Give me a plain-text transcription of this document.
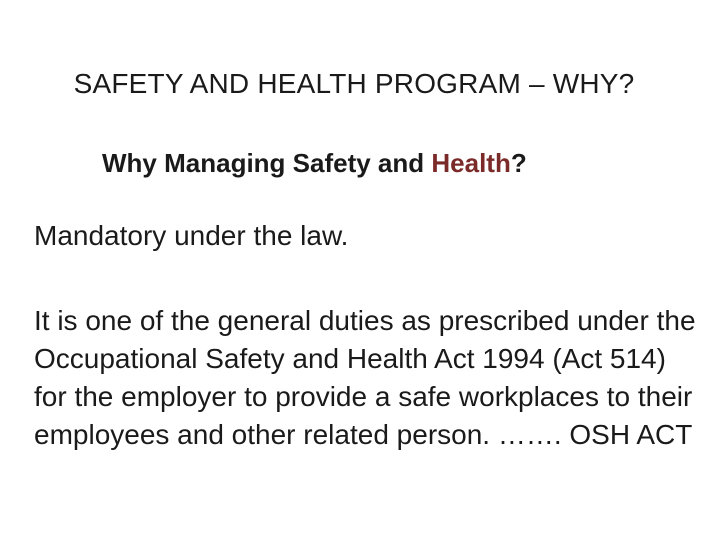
SAFETY AND HEALTH PROGRAM – WHY?

Why Managing Safety and Health?

Mandatory under the law.

It is one of the general duties as prescribed under the Occupational Safety and Health Act 1994 (Act 514) for the employer to provide a safe workplaces to their employees and other related person. ……. OSH ACT
